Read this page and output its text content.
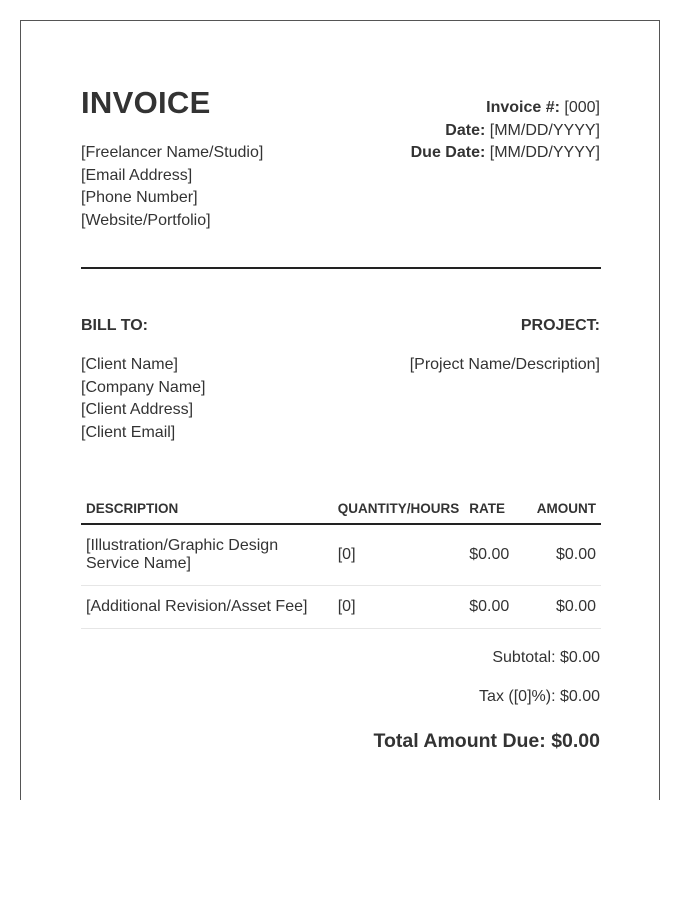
INVOICE
[Freelancer Name/Studio]
[Email Address]
[Phone Number]
[Website/Portfolio]
Invoice #: [000]
Date: [MM/DD/YYYY]
Due Date: [MM/DD/YYYY]
BILL TO:
[Client Name]
[Company Name]
[Client Address]
[Client Email]
PROJECT:
[Project Name/Description]
DESCRIPTION	QUANTITY/HOURS	RATE	AMOUNT
[Illustration/Graphic Design Service Name]	[0]	$0.00	$0.00
[Additional Revision/Asset Fee]	[0]	$0.00	$0.00
Subtotal: $0.00
Tax ([0]%): $0.00
Total Amount Due: $0.00
